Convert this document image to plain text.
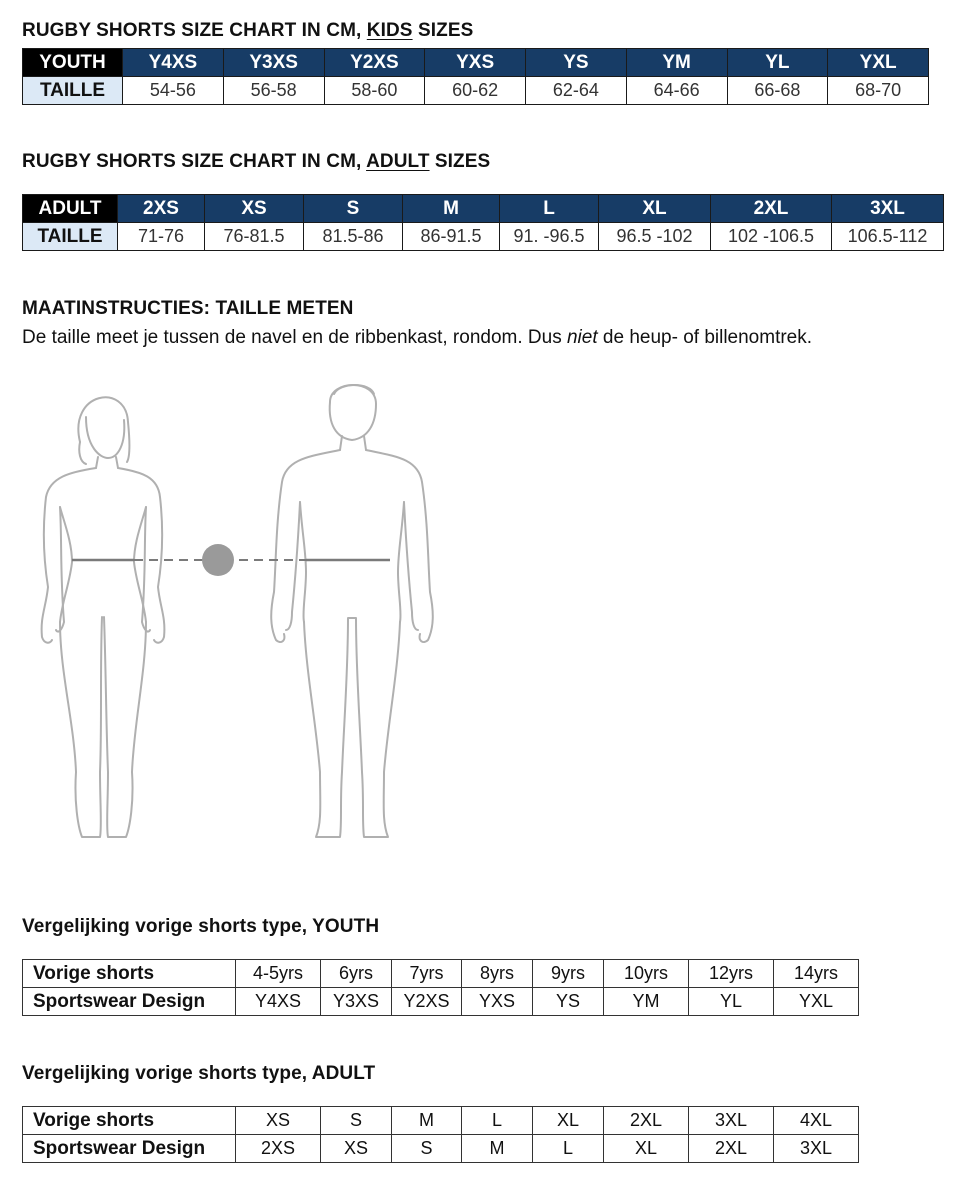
RUGBY SHORTS SIZE CHART IN CM, KIDS SIZES
YOUTH	Y4XS	Y3XS	Y2XS	YXS	YS	YM	YL	YXL
TAILLE	54-56	56-58	58-60	60-62	62-64	64-66	66-68	68-70
RUGBY SHORTS SIZE CHART IN CM, ADULT SIZES
ADULT	2XS	XS	S	M	L	XL	2XL	3XL
TAILLE	71-76	76-81.5	81.5-86	86-91.5	91. -96.5	96.5 -102	102 -106.5	106.5-112
MAATINSTRUCTIES: TAILLE METEN

De taille meet je tussen de navel en de ribbenkast, rondom. Dus niet de heup- of billenomtrek.

Vergelijking vorige shorts type, YOUTH
Vorige shorts	4-5yrs	6yrs	7yrs	8yrs	9yrs	10yrs	12yrs	14yrs
Sportswear Design	Y4XS	Y3XS	Y2XS	YXS	YS	YM	YL	YXL
Vergelijking vorige shorts type, ADULT
Vorige shorts	XS	S	M	L	XL	2XL	3XL	4XL
Sportswear Design	2XS	XS	S	M	L	XL	2XL	3XL
